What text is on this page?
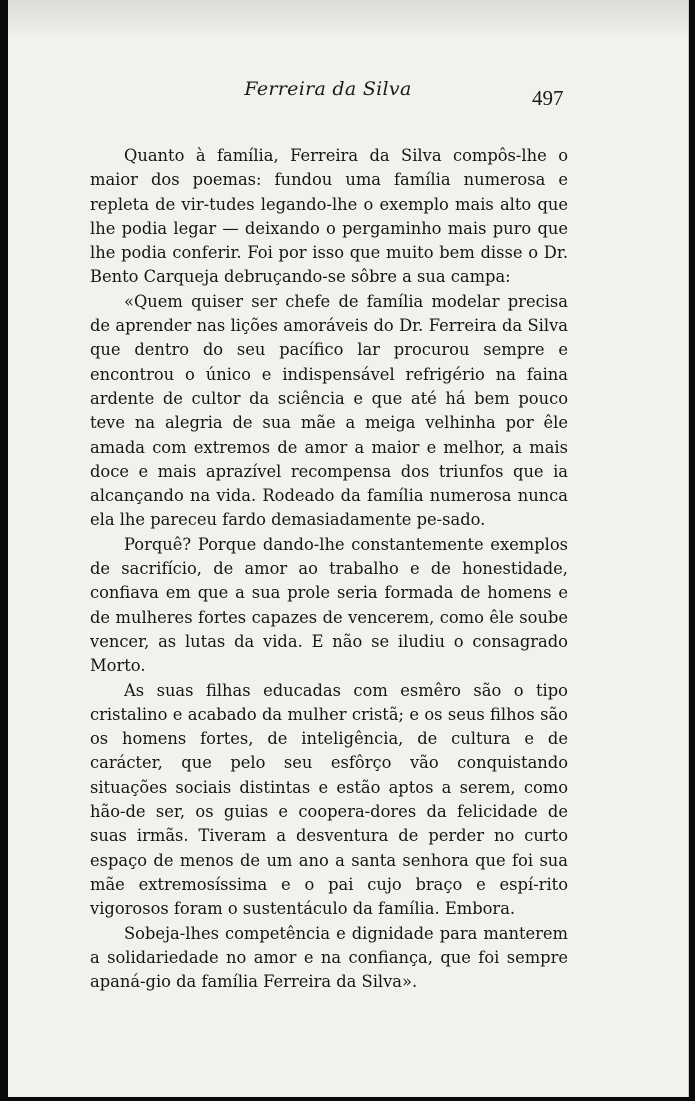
Ferreira da Silva	497

Quanto à família, Ferreira da Silva compôs-lhe o maior dos poemas: fundou uma família numerosa e repleta de vir-tudes legando-lhe o exemplo mais alto que lhe podia legar — deixando o pergaminho mais puro que lhe podia conferir. Foi por isso que muito bem disse o Dr. Bento Carqueja debruçando-se sôbre a sua campa:

«Quem quiser ser chefe de família modelar precisa de aprender nas lições amoráveis do Dr. Ferreira da Silva que dentro do seu pacífico lar procurou sempre e encontrou o único e indispensável refrigério na faina ardente de cultor da sciência e que até há bem pouco teve na alegria de sua mãe a meiga velhinha por êle amada com extremos de amor a maior e melhor, a mais doce e mais aprazível recompensa dos triunfos que ia alcançando na vida. Rodeado da família numerosa nunca ela lhe pareceu fardo demasiadamente pe-sado.

Porquê? Porque dando-lhe constantemente exemplos de sacrifício, de amor ao trabalho e de honestidade, confiava em que a sua prole seria formada de homens e de mulheres fortes capazes de vencerem, como êle soube vencer, as lutas da vida. E não se iludiu o consagrado Morto.

As suas filhas educadas com esmêro são o tipo cristalino e acabado da mulher cristã; e os seus filhos são os homens fortes, de inteligência, de cultura e de carácter, que pelo seu esfôrço vão conquistando situações sociais distintas e estão aptos a serem, como hão-de ser, os guias e coopera-dores da felicidade de suas irmãs. Tiveram a desventura de perder no curto espaço de menos de um ano a santa senhora que foi sua mãe extremosíssima e o pai cujo braço e espí-rito vigorosos foram o sustentáculo da família. Embora.

Sobeja-lhes competência e dignidade para manterem a solidariedade no amor e na confiança, que foi sempre apaná-gio da família Ferreira da Silva».
